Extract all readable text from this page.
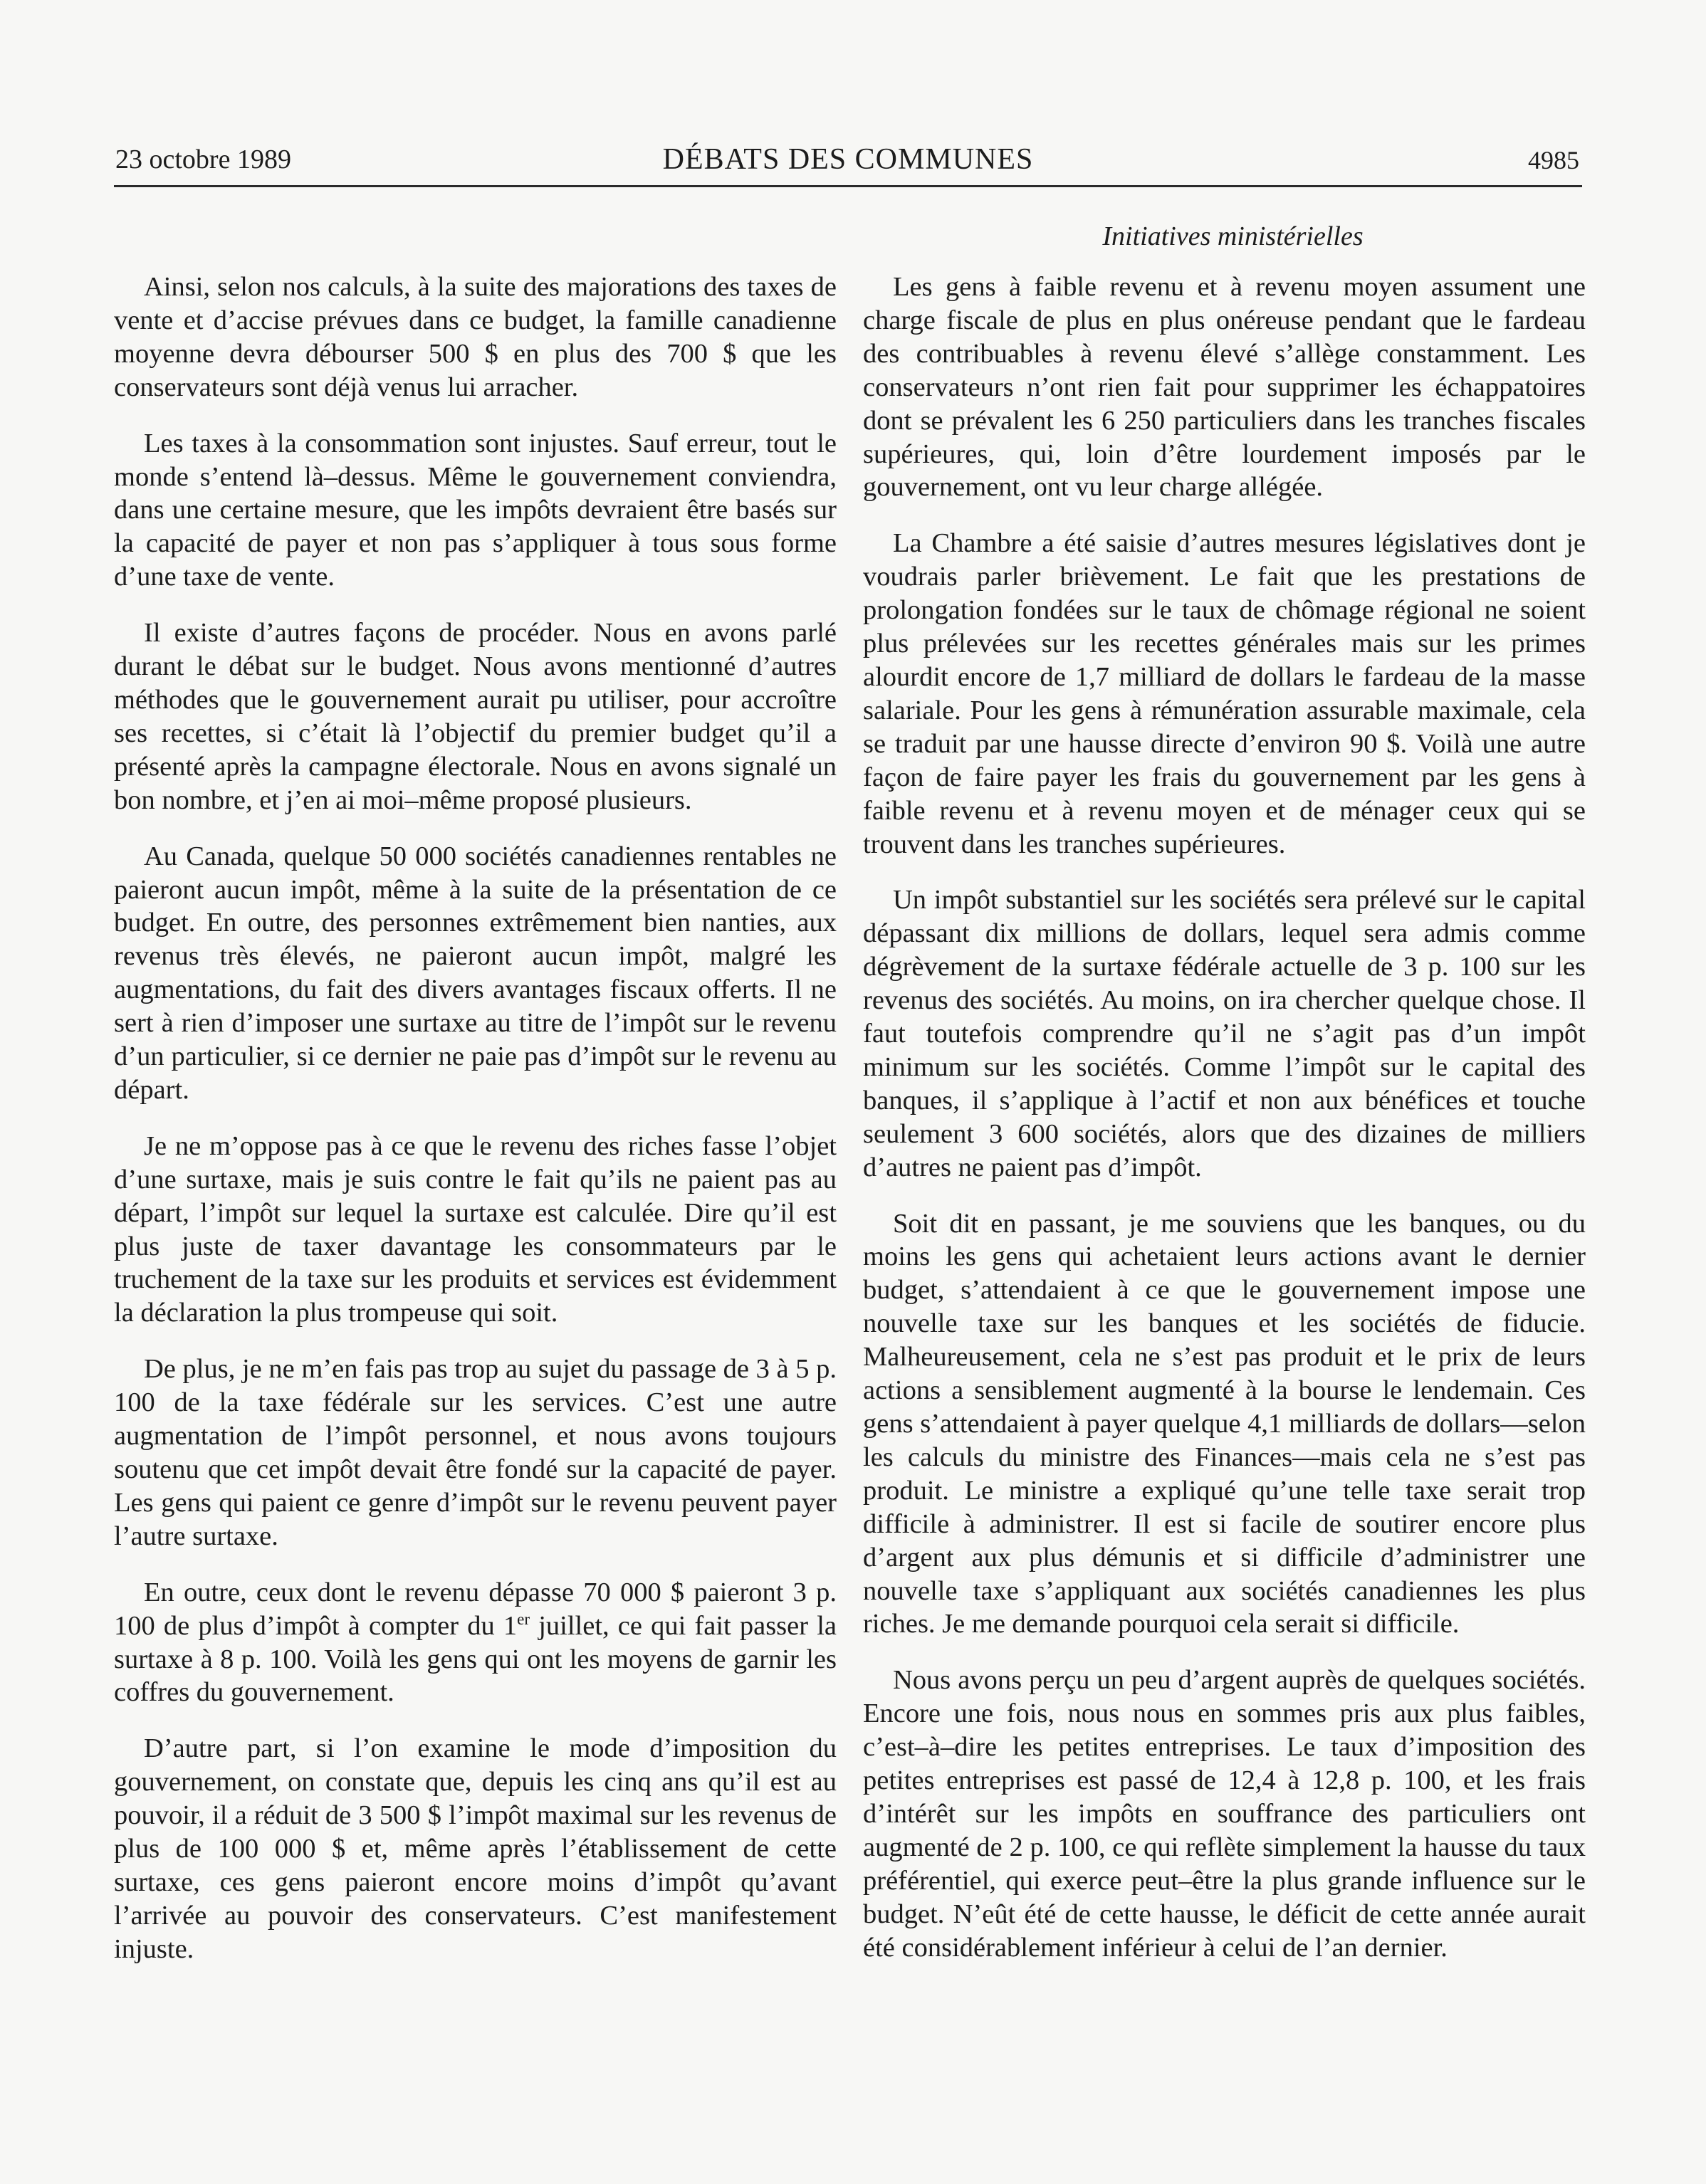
23 octobre 1989	DÉBATS DES COMMUNES	4985
Initiatives ministérielles

Ainsi, selon nos calculs, à la suite des majorations des taxes de vente et d’accise prévues dans ce budget, la famille canadienne moyenne devra débourser 500 $ en plus des 700 $ que les conservateurs sont déjà venus lui arracher.

Les taxes à la consommation sont injustes. Sauf erreur, tout le monde s’entend là–dessus. Même le gouvernement conviendra, dans une certaine mesure, que les impôts devraient être basés sur la capacité de payer et non pas s’appliquer à tous sous forme d’une taxe de vente.

Il existe d’autres façons de procéder. Nous en avons parlé durant le débat sur le budget. Nous avons mentionné d’autres méthodes que le gouvernement aurait pu utiliser, pour accroître ses recettes, si c’était là l’objectif du premier budget qu’il a présenté après la campagne électorale. Nous en avons signalé un bon nombre, et j’en ai moi–même proposé plusieurs.

Au Canada, quelque 50 000 sociétés canadiennes rentables ne paieront aucun impôt, même à la suite de la présentation de ce budget. En outre, des personnes extrêmement bien nanties, aux revenus très élevés, ne paieront aucun impôt, malgré les augmentations, du fait des divers avantages fiscaux offerts. Il ne sert à rien d’imposer une surtaxe au titre de l’impôt sur le revenu d’un particulier, si ce dernier ne paie pas d’impôt sur le revenu au départ.

Je ne m’oppose pas à ce que le revenu des riches fasse l’objet d’une surtaxe, mais je suis contre le fait qu’ils ne paient pas au départ, l’impôt sur lequel la surtaxe est calculée. Dire qu’il est plus juste de taxer davantage les consommateurs par le truchement de la taxe sur les produits et services est évidemment la déclaration la plus trompeuse qui soit.

De plus, je ne m’en fais pas trop au sujet du passage de 3 à 5 p. 100 de la taxe fédérale sur les services. C’est une autre augmentation de l’impôt personnel, et nous avons toujours soutenu que cet impôt devait être fondé sur la capacité de payer. Les gens qui paient ce genre d’impôt sur le revenu peuvent payer l’autre surtaxe.

En outre, ceux dont le revenu dépasse 70 000 $ paieront 3 p. 100 de plus d’impôt à compter du 1er juillet, ce qui fait passer la surtaxe à 8 p. 100. Voilà les gens qui ont les moyens de garnir les coffres du gouvernement.

D’autre part, si l’on examine le mode d’imposition du gouvernement, on constate que, depuis les cinq ans qu’il est au pouvoir, il a réduit de 3 500 $ l’impôt maximal sur les revenus de plus de 100 000 $ et, même après l’établissement de cette surtaxe, ces gens paieront encore moins d’impôt qu’avant l’arrivée au pouvoir des conservateurs. C’est manifestement injuste.

Les gens à faible revenu et à revenu moyen assument une charge fiscale de plus en plus onéreuse pendant que le fardeau des contribuables à revenu élevé s’allège constamment. Les conservateurs n’ont rien fait pour supprimer les échappatoires dont se prévalent les 6 250 particuliers dans les tranches fiscales supérieures, qui, loin d’être lourdement imposés par le gouvernement, ont vu leur charge allégée.

La Chambre a été saisie d’autres mesures législatives dont je voudrais parler brièvement. Le fait que les prestations de prolongation fondées sur le taux de chômage régional ne soient plus prélevées sur les recettes générales mais sur les primes alourdit encore de 1,7 milliard de dollars le fardeau de la masse salariale. Pour les gens à rémunération assurable maximale, cela se traduit par une hausse directe d’environ 90 $. Voilà une autre façon de faire payer les frais du gouvernement par les gens à faible revenu et à revenu moyen et de ménager ceux qui se trouvent dans les tranches supérieures.

Un impôt substantiel sur les sociétés sera prélevé sur le capital dépassant dix millions de dollars, lequel sera admis comme dégrèvement de la surtaxe fédérale actuelle de 3 p. 100 sur les revenus des sociétés. Au moins, on ira chercher quelque chose. Il faut toutefois comprendre qu’il ne s’agit pas d’un impôt minimum sur les sociétés. Comme l’impôt sur le capital des banques, il s’applique à l’actif et non aux bénéfices et touche seulement 3 600 sociétés, alors que des dizaines de milliers d’autres ne paient pas d’impôt.

Soit dit en passant, je me souviens que les banques, ou du moins les gens qui achetaient leurs actions avant le dernier budget, s’attendaient à ce que le gouvernement impose une nouvelle taxe sur les banques et les sociétés de fiducie. Malheureusement, cela ne s’est pas produit et le prix de leurs actions a sensiblement augmenté à la bourse le lendemain. Ces gens s’attendaient à payer quelque 4,1 milliards de dollars—selon les calculs du ministre des Finances—mais cela ne s’est pas produit. Le ministre a expliqué qu’une telle taxe serait trop difficile à administrer. Il est si facile de soutirer encore plus d’argent aux plus démunis et si difficile d’administrer une nouvelle taxe s’appliquant aux sociétés canadiennes les plus riches. Je me demande pourquoi cela serait si difficile.

Nous avons perçu un peu d’argent auprès de quelques sociétés. Encore une fois, nous nous en sommes pris aux plus faibles, c’est–à–dire les petites entreprises. Le taux d’imposition des petites entreprises est passé de 12,4 à 12,8 p. 100, et les frais d’intérêt sur les impôts en souffrance des particuliers ont augmenté de 2 p. 100, ce qui reflète simplement la hausse du taux préférentiel, qui exerce peut–être la plus grande influence sur le budget. N’eût été de cette hausse, le déficit de cette année aurait été considérablement inférieur à celui de l’an dernier.
